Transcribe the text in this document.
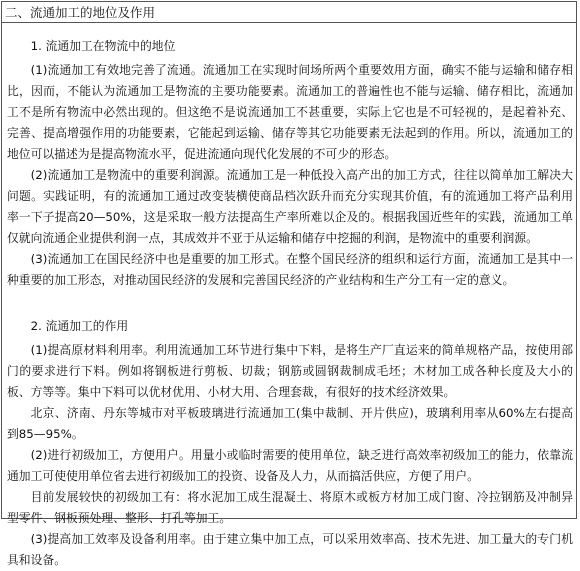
二、流通加工的地位及作用
1. 流通加工在物流中的地位

(1)流通加工有效地完善了流通。流通加工在实现时间场所两个重要效用方面，确实不能与运输和储存相比，因而，不能认为流通加工是物流的主要功能要素。流通加工的普遍性也不能与运输、储存相比，流通加工不是所有物流中必然出现的。但这绝不是说流通加工不甚重要，实际上它也是不可轻视的，是起着补充、完善、提高增强作用的功能要素，它能起到运输、储存等其它功能要素无法起到的作用。所以，流通加工的地位可以描述为是提高物流水平，促进流通向现代化发展的不可少的形态。

(2)流通加工是物流中的重要利润源。流通加工是一种低投入高产出的加工方式，往往以简单加工解决大问题。实践证明，有的流通加工通过改变装横使商品档次跃升而充分实现其价值，有的流通加工将产品利用率一下子提高20—50%，这是采取一般方法提高生产率所难以企及的。根据我国近些年的实践，流通加工单仅就向流通企业提供利润一点，其成效并不亚于从运输和储存中挖掘的利润，是物流中的重要利润源。

(3)流通加工在国民经济中也是重要的加工形式。在整个国民经济的组织和运行方面，流通加工是其中一种重要的加工形态，对推动国民经济的发展和完善国民经济的产业结构和生产分工有一定的意义。

2. 流通加工的作用

(1)提高原材料利用率。利用流通加工环节进行集中下料，是将生产厂直运来的简单规格产品，按使用部门的要求进行下料。例如将钢板进行剪板、切裁；钢筋或圆钢裁制成毛坯；木材加工成各种长度及大小的板、方等等。集中下料可以优材优用、小材大用、合理套裁，有很好的技术经济效果。

北京、济南、丹东等城市对平板玻璃进行流通加工(集中裁制、开片供应)，玻璃利用率从60%左右提高到85—95%。

(2)进行初级加工，方便用户。用量小或临时需要的使用单位，缺乏进行高效率初级加工的能力，依靠流通加工可使使用单位省去进行初级加工的投资、设备及人力，从而搞活供应，方便了用户。

目前发展较快的初级加工有：将水泥加工成生混凝土、将原木或板方材加工成门窗、冷拉钢筋及冲制异型零件、钢板预处理、整形、打孔等加工。

(3)提高加工效率及设备利用率。由于建立集中加工点，可以采用效率高、技术先进、加工量大的专门机具和设备。
